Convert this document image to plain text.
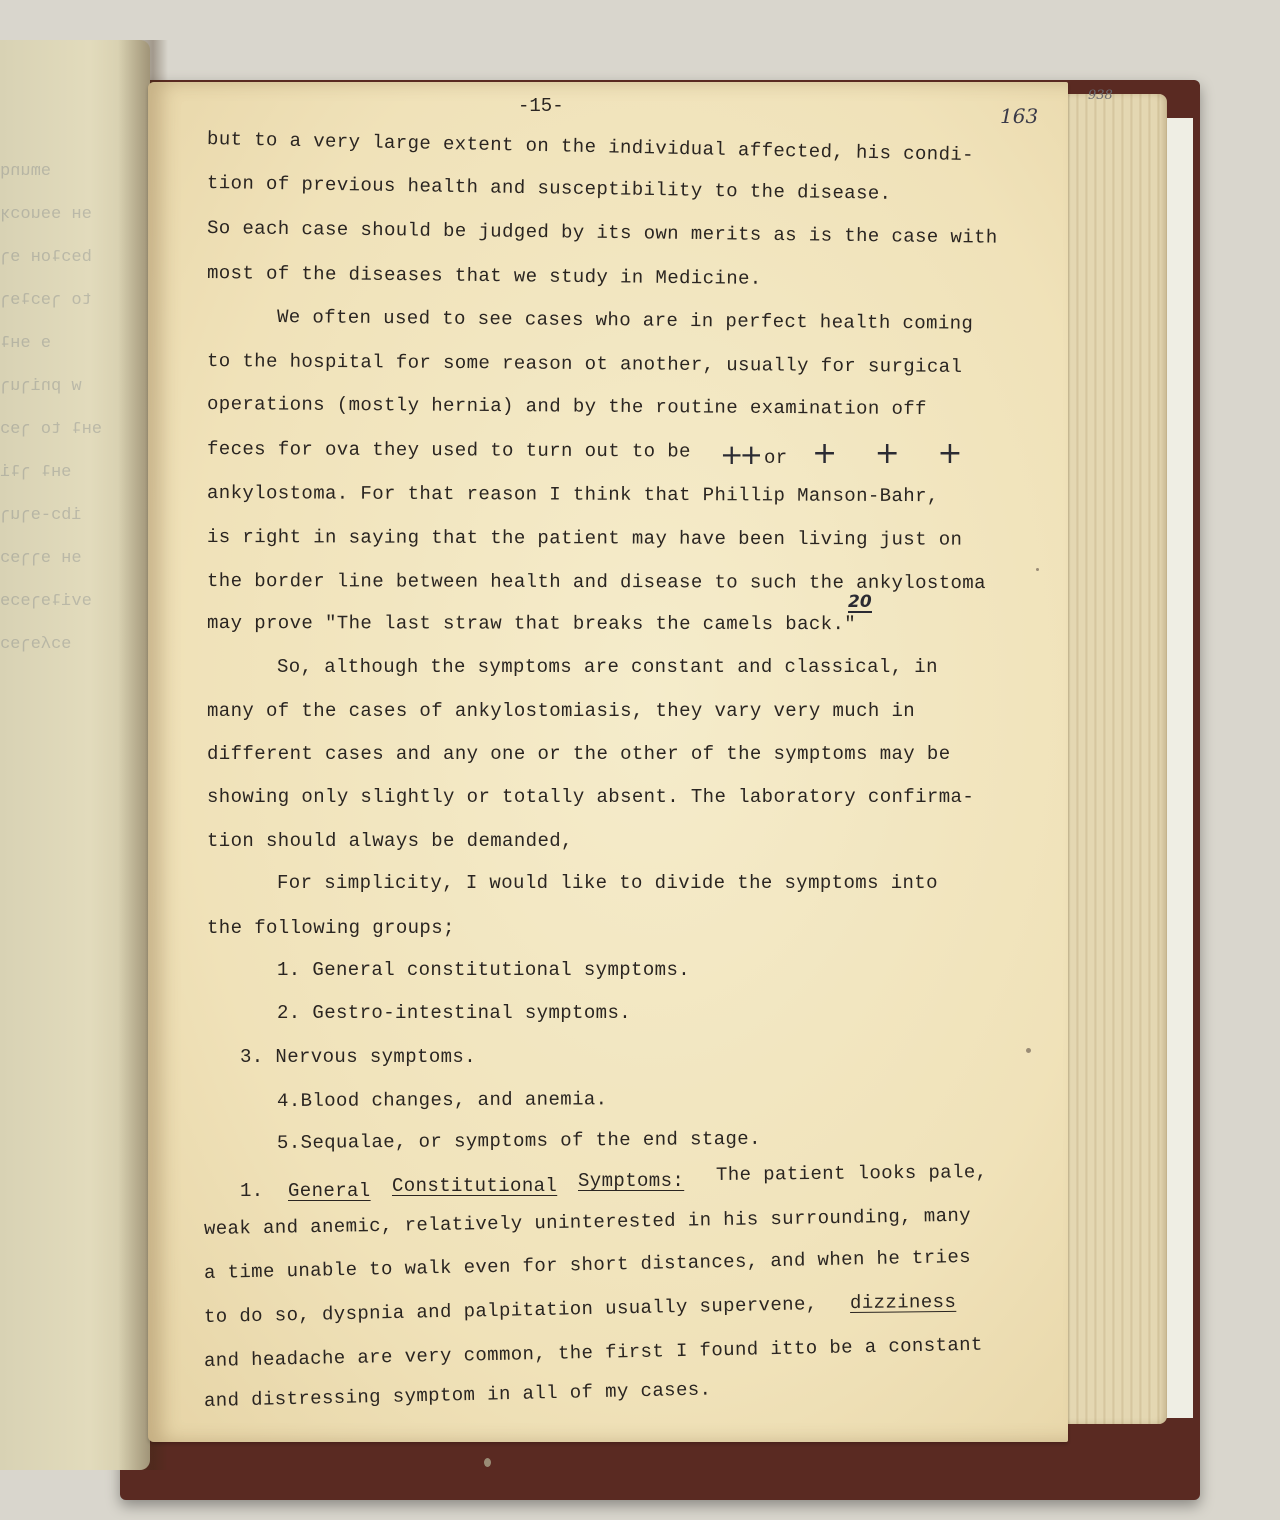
ɘmunq
ɘʜ ɘɘuoɔʞ
bɘɔʇoʜ ɘɿ
to ɿɘɔʇɘɿ
ɘ ɘʜʇ
w pniɿuɿ
ɘʜʇ to ɿɘɔ
ɘʜʇ ɿʇi
ibɔ-ɘɿuɿ
ɘʜ ɘɿɿɘɔ
ɘviʇɘɿɘɔɘ
ɘɔʎɘɿɘɔ
938
163
-15-
but to a very large extent on the individual affected, his condi-
tion of previous health and susceptibility to the disease.
So each case should be judged by its own merits as is the case with
most of the diseases that we study in Medicine.
We often used to see cases who are in perfect health coming
to the hospital for some reason ot another, usually for surgical
operations (mostly hernia) and by the routine examination off
feces for ova they used to turn out to be	or
ankylostoma. For that reason I think that Phillip Manson-Bahr,
is right in saying that the patient may have been living just on
the border line between health and disease to such the ankylostoma
may prove "The last straw that breaks the camels back."
So, although the symptoms are constant and classical, in
many of the cases of ankylostomiasis, they vary very much in
different cases and any one or the other of the symptoms may be
showing only slightly or totally absent. The laboratory confirma-
tion should always be demanded,
For simplicity, I would like to divide the symptoms into
the following groups;
1. General constitutional symptoms.
2. Gestro-intestinal symptoms.
3. Nervous symptoms.
4.Blood changes, and anemia.
5.Sequalae, or symptoms of the end stage.
1. General Constitutional Symptoms: The patient looks pale,
weak and anemic, relatively uninterested in his surrounding, many
a time unable to walk even for short distances, and when he tries
to do so, dyspnia and palpitation usually supervene, dizziness
and headache are very common, the first I found itto be a constant
and distressing symptom in all of my cases.
++ + + +
20
